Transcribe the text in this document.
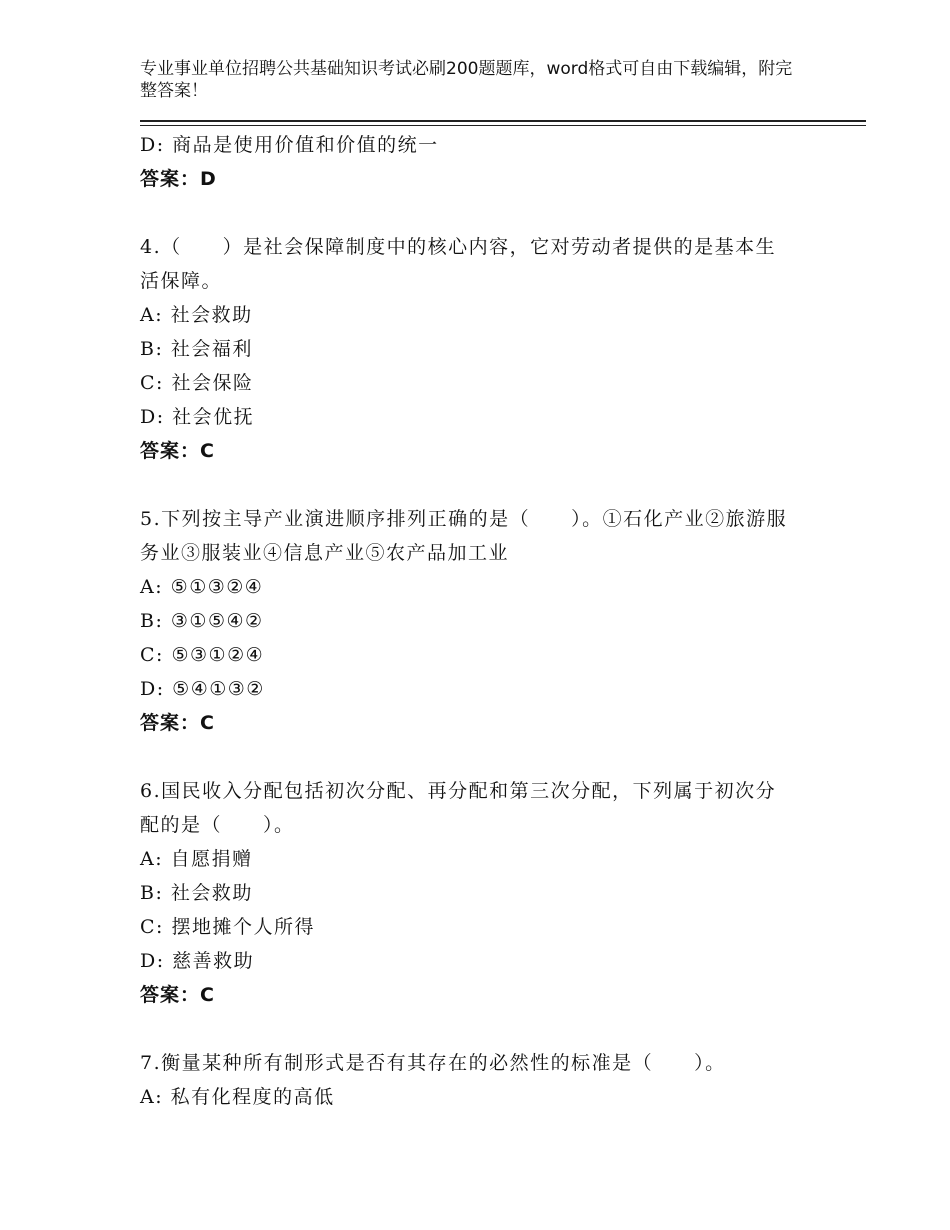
专业事业单位招聘公共基础知识考试必刷200题题库，word格式可自由下载编辑，附完整答案！
D: 商品是使用价值和价值的统一
答案：D
4.（　　）是社会保障制度中的核心内容，它对劳动者提供的是基本生活保障。
A: 社会救助
B: 社会福利
C: 社会保险
D: 社会优抚
答案：C
5.下列按主导产业演进顺序排列正确的是（　　）。①石化产业②旅游服务业③服装业④信息产业⑤农产品加工业
A: ⑤①③②④
B: ③①⑤④②
C: ⑤③①②④
D: ⑤④①③②
答案：C
6.国民收入分配包括初次分配、再分配和第三次分配，下列属于初次分配的是（　　）。
A: 自愿捐赠
B: 社会救助
C: 摆地摊个人所得
D: 慈善救助
答案：C
7.衡量某种所有制形式是否有其存在的必然性的标准是（　　）。
A: 私有化程度的高低
